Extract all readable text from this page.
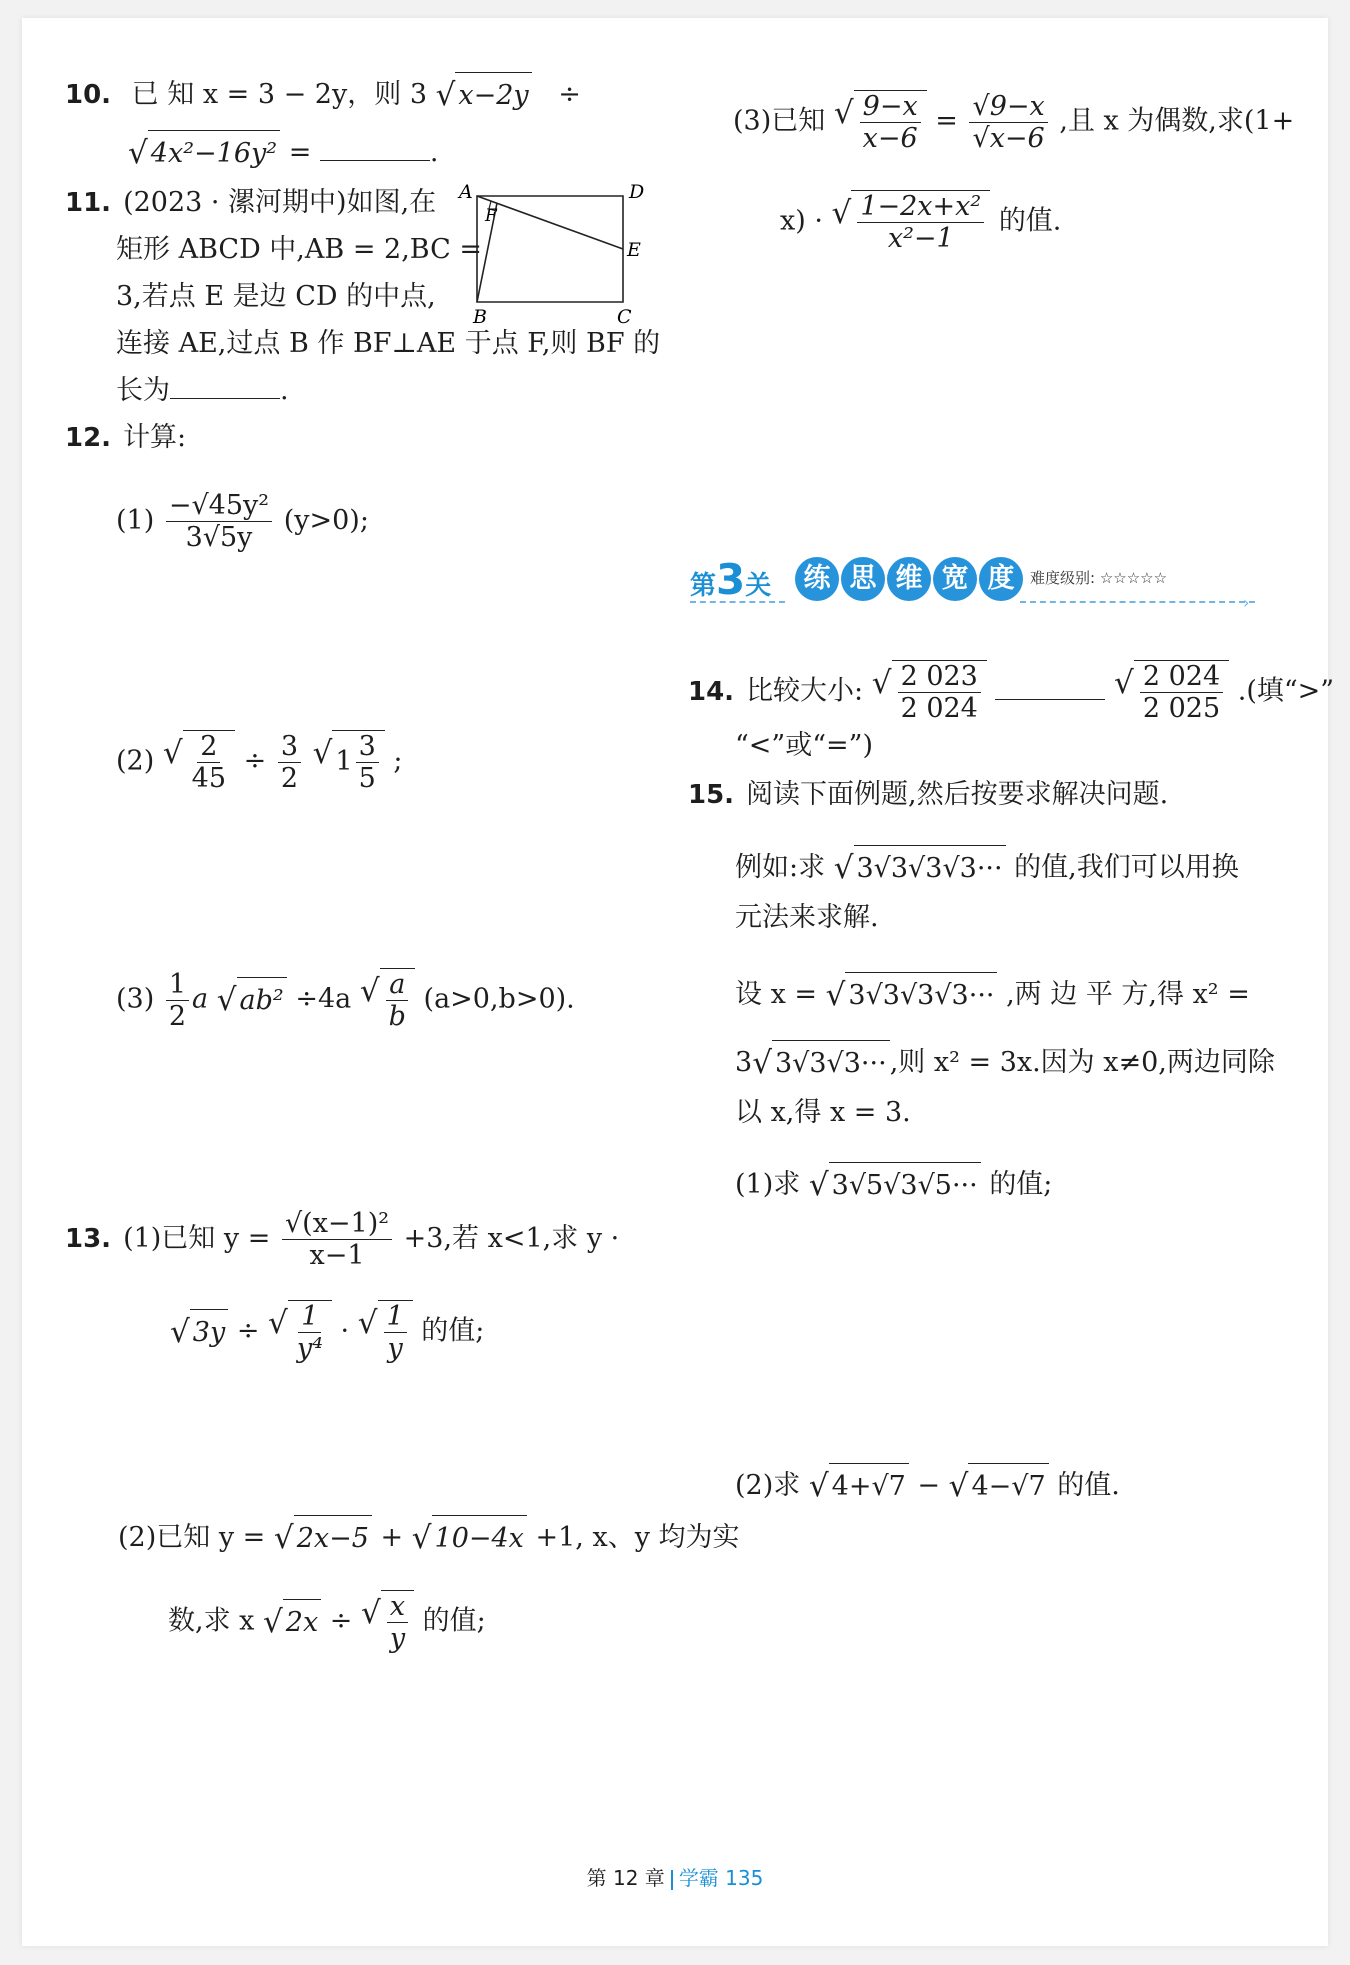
10. 已 知 x = 3 − 2y，则 3 √ x−2y ÷
√ 4x²−16y² =	.
11. (2023 · 漯河期中)如图,在
矩形 ABCD 中,AB = 2,BC =
3,若点 E 是边 CD 的中点,
连接 AE,过点 B 作 BF⊥AE 于点 F,则 BF 的
长为	.
A	D
E
B	C
F
12. 计算:
$(1) \frac{\text{−√45y²}}{3√5y} (y>0)$;
(2) √ $\frac{2}{45} \div \frac{3}{2}$ √ $1 \frac{3}{5}$ ;
$(3) \frac{1}{2}$ a √ ab² ÷4a √ $\frac{a}{b} (a>0,b>0)$.
13. (1)已知 $y = \frac{\text{√(x−1)²}}{x-1} +3$,若 x<1,求 y ·
√ 3y ÷ √ $\frac{1}{\text{y⁴}}$ · √ $\frac{1}{y}$ 的值;
(2)已知 y = √ 2x−5 + √ 10−4x +1, x、y 均为实
数,求 x √ 2x ÷ √ $\frac{x}{y}$ 的值;
(3)已知 √ $\frac{9-x}{x-6} = \frac{√9-x}{√x-6}$ ,且 x 为偶数,求(1+
x) · √ $\frac{\text{1−2x+x²}}{\text{x²−1}}$ 的值.
第3关	练 思 维 宽 度	难度级别: ☆☆☆☆☆
›
14. 比较大小: √ $\frac{2 023}{2 024}$	√ $\frac{2 024}{2 025}$ .(填“>”
“<”或“=”)
15. 阅读下面例题,然后按要求解决问题.
例如:求 √ 3√3√3√3··· 的值,我们可以用换
元法来求解.
设 x = √ 3√3√3√3··· ,两 边 平 方,得 x² =
3√ 3√3√3··· ,则 x² = 3x.因为 x≠0,两边同除
以 x,得 x = 3.
(1)求 √ 3√5√3√5··· 的值;
(2)求 √ 4+√7 − √ 4−√7 的值.
第 12 章 学霸 135
